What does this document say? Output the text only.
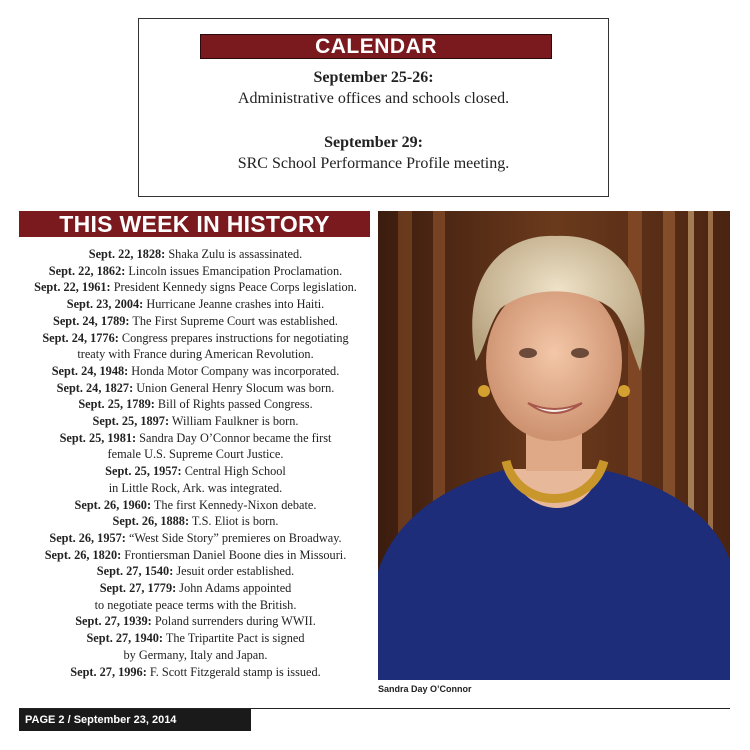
CALENDAR
September 25-26:
Administrative offices and schools closed.
September 29:
SRC School Performance Profile meeting.
THIS WEEK IN HISTORY
Sept. 22, 1828: Shaka Zulu is assassinated.
Sept. 22, 1862: Lincoln issues Emancipation Proclamation.
Sept. 22, 1961: President Kennedy signs Peace Corps legislation.
Sept. 23, 2004: Hurricane Jeanne crashes into Haiti.
Sept. 24, 1789: The First Supreme Court was established.
Sept. 24, 1776: Congress prepares instructions for negotiating
treaty with France during American Revolution.
Sept. 24, 1948: Honda Motor Company was incorporated.
Sept. 24, 1827: Union General Henry Slocum was born.
Sept. 25, 1789: Bill of Rights passed Congress.
Sept. 25, 1897: William Faulkner is born.
Sept. 25, 1981: Sandra Day O’Connor became the first
female U.S. Supreme Court Justice.
Sept. 25, 1957: Central High School
in Little Rock, Ark. was integrated.
Sept. 26, 1960: The first Kennedy-Nixon debate.
Sept. 26, 1888: T.S. Eliot is born.
Sept. 26, 1957: “West Side Story” premieres on Broadway.
Sept. 26, 1820: Frontiersman Daniel Boone dies in Missouri.
Sept. 27, 1540: Jesuit order established.
Sept. 27, 1779: John Adams appointed
to negotiate peace terms with the British.
Sept. 27, 1939: Poland surrenders during WWII.
Sept. 27, 1940: The Tripartite Pact is signed
by Germany, Italy and Japan.
Sept. 27, 1996: F. Scott Fitzgerald stamp is issued.
Sandra Day O’Connor
PAGE 2 / September 23, 2014
